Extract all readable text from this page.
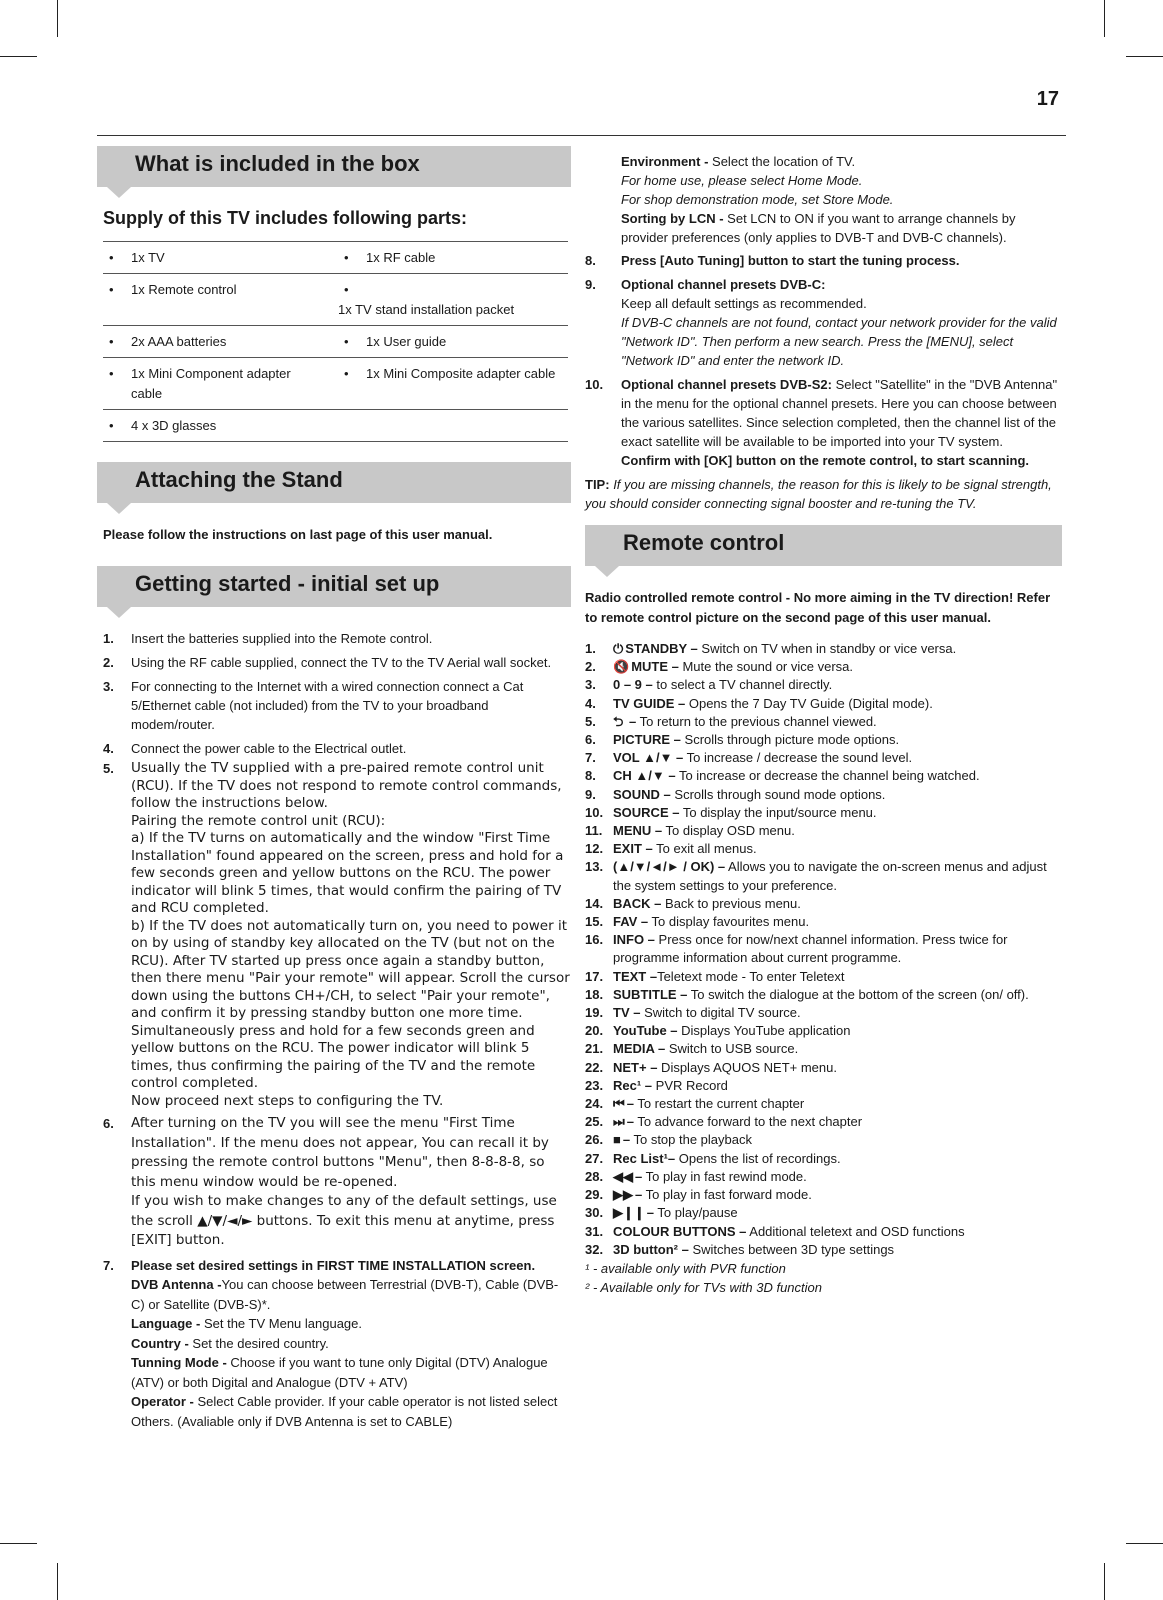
17
What is included in the box
Supply of this TV includes following parts:
• 1x TV	• 1x RF cable
• 1x Remote control	•1x TV stand installation packet
• 2x AAA batteries	• 1x User guide
• 1x Mini Component adapter cable	• 1x Mini Composite adapter cable
• 4 x 3D glasses	
Attaching the Stand
Please follow the instructions on last page of this user manual.
Getting started - initial set up
1. Insert the batteries supplied into the Remote control.
2. Using the RF cable supplied, connect the TV to the TV Aerial wall socket.
3. For connecting to the Internet with a wired connection connect a Cat 5/Ethernet cable (not included) from the TV to your broadband modem/router.
4. Connect the power cable to the Electrical outlet.
5. Usually the TV supplied with a pre-paired remote control unit (RCU). If the TV does not respond to remote control commands, follow the instructions below.
Pairing the remote control unit (RCU):
a) If the TV turns on automatically and the window "First Time Installation" found appeared on the screen, press and hold for a few seconds green and yellow buttons on the RCU. The power indicator will blink 5 times, that would confirm the pairing of TV and RCU completed.
b) If the TV does not automatically turn on, you need to power it on by using of standby key allocated on the TV (but not on the RCU). After TV started up press once again a standby button, then there menu "Pair your remote" will appear. Scroll the cursor down using the buttons CH+/CH, to select "Pair your remote", and confirm it by pressing standby button one more time. Simultaneously press and hold for a few seconds green and yellow buttons on the RCU. The power indicator will blink 5 times, thus confirming the pairing of the TV and the remote control completed.
Now proceed next steps to configuring the TV.
6. After turning on the TV you will see the menu "First Time Installation". If the menu does not appear, You can recall it by pressing the remote control buttons "Menu", then 8-8-8-8, so this menu window would be re-opened.
If you wish to make changes to any of the default settings, use the scroll ▲/▼/◄/► buttons. To exit this menu at anytime, press [EXIT] button.
7. Please set desired settings in FIRST TIME INSTALLATION screen.
DVB Antenna -You can choose between Terrestrial (DVB-T), Cable (DVB-C) or Satellite (DVB-S)*.
Language - Set the TV Menu language.
Country - Set the desired country.
Tunning Mode - Choose if you want to tune only Digital (DTV) Analogue (ATV) or both Digital and Analogue (DTV + ATV)
Operator - Select Cable provider. If your cable operator is not listed select Others. (Avaliable only if DVB Antenna is set to CABLE)
Environment - Select the location of TV.
For home use, please select Home Mode.
For shop demonstration mode, set Store Mode.
Sorting by LCN - Set LCN to ON if you want to arrange channels by provider preferences (only applies to DVB-T and DVB-C channels).
8. Press [Auto Tuning] button to start the tuning process.
9. Optional channel presets DVB-C:
Keep all default settings as recommended.
If DVB-C channels are not found, contact your network provider for the valid "Network ID". Then perform a new search. Press the [MENU], select "Network ID" and enter the network ID.
10. Optional channel presets DVB-S2: Select "Satellite" in the "DVB Antenna" in the menu for the optional channel presets. Here you can choose between the various satellites. Since selection completed, then the channel list of the exact satellite will be available to be imported into your TV system.
Confirm with [OK] button on the remote control, to start scanning.
TIP: If you are missing channels, the reason for this is likely to be signal strength, you should consider connecting signal booster and re-tuning the TV.
Remote control
Radio controlled remote control - No more aiming in the TV direction! Refer to remote control picture on the second page of this user manual.
1. ⏻ STANDBY – Switch on TV when in standby or vice versa.
2. 🔇 MUTE – Mute the sound or vice versa.
3. 0 – 9 – to select a TV channel directly.
4. TV GUIDE – Opens the 7 Day TV Guide (Digital mode).
5. ⮌ – To return to the previous channel viewed.
6. PICTURE – Scrolls through picture mode options.
7. VOL ▲/▼ – To increase / decrease the sound level.
8. CH ▲/▼ – To increase or decrease the channel being watched.
9. SOUND – Scrolls through sound mode options.
10. SOURCE – To display the input/source menu.
11. MENU – To display OSD menu.
12. EXIT – To exit all menus.
13. (▲/▼/◄/► / OK) – Allows you to navigate the on-screen menus and adjust the system settings to your preference.
14. BACK – Back to previous menu.
15. FAV – To display favourites menu.
16. INFO – Press once for now/next channel information. Press twice for programme information about current programme.
17. TEXT –Teletext mode - To enter Teletext
18. SUBTITLE – To switch the dialogue at the bottom of the screen (on/ off).
19. TV – Switch to digital TV source.
20. YouTube – Displays YouTube application
21. MEDIA – Switch to USB source.
22. NET+ – Displays AQUOS NET+ menu.
23. Rec¹ – PVR Record
24. ⏮ – To restart the current chapter
25. ⏭ – To advance forward to the next chapter
26. ■ – To stop the playback
27. Rec List¹– Opens the list of recordings.
28. ◀◀ – To play in fast rewind mode.
29. ▶▶ – To play in fast forward mode.
30. ▶❙❙ – To play/pause
31. COLOUR BUTTONS – Additional teletext and OSD functions
32. 3D button² – Switches between 3D type settings
¹ - available only with PVR function
² - Available only for TVs with 3D function
